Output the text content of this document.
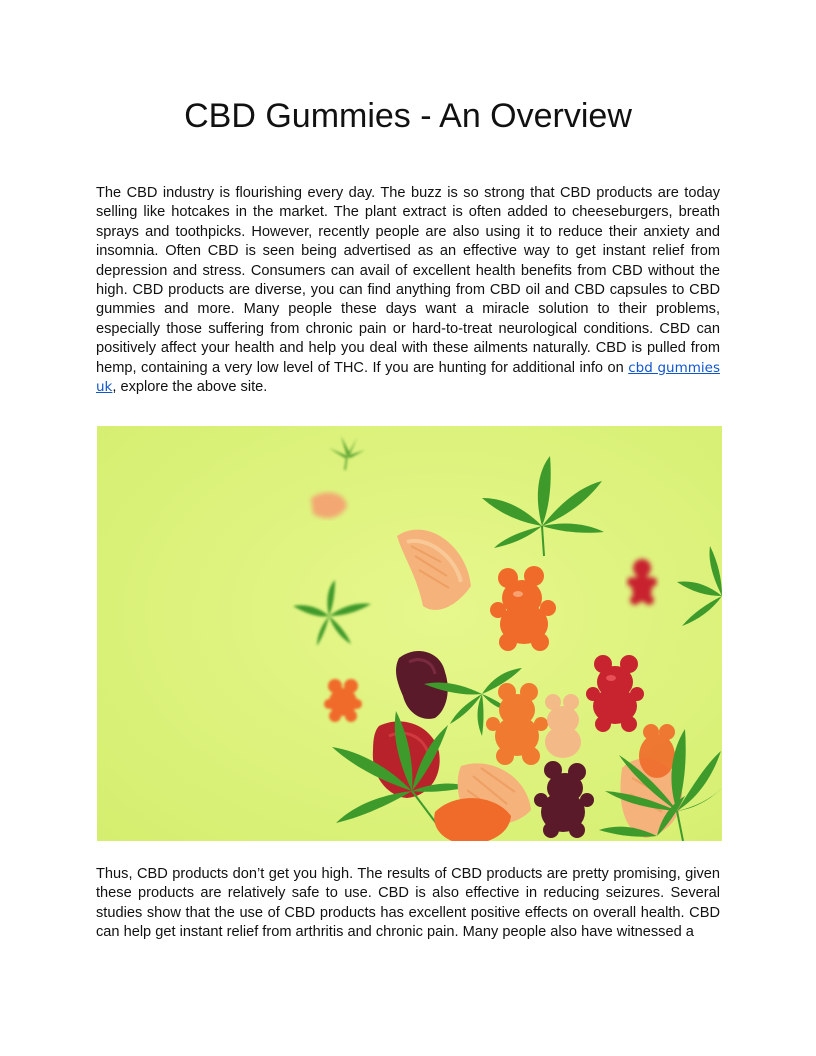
CBD Gummies - An Overview

The CBD industry is flourishing every day. The buzz is so strong that CBD products are today selling like hotcakes in the market. The plant extract is often added to cheeseburgers, breath sprays and toothpicks. However, recently people are also using it to reduce their anxiety and insomnia. Often CBD is seen being advertised as an effective way to get instant relief from depression and stress. Consumers can avail of excellent health benefits from CBD without the high. CBD products are diverse, you can find anything from CBD oil and CBD capsules to CBD gummies and more. Many people these days want a miracle solution to their problems, especially those suffering from chronic pain or hard-to-treat neurological conditions. CBD can positively affect your health and help you deal with these ailments naturally. CBD is pulled from hemp, containing a very low level of THC. If you are hunting for additional info on cbd gummies uk, explore the above site.

Thus, CBD products don’t get you high. The results of CBD products are pretty promising, given these products are relatively safe to use. CBD is also effective in reducing seizures. Several studies show that the use of CBD products has excellent positive effects on overall health. CBD can help get instant relief from arthritis and chronic pain. Many people also have witnessed a
